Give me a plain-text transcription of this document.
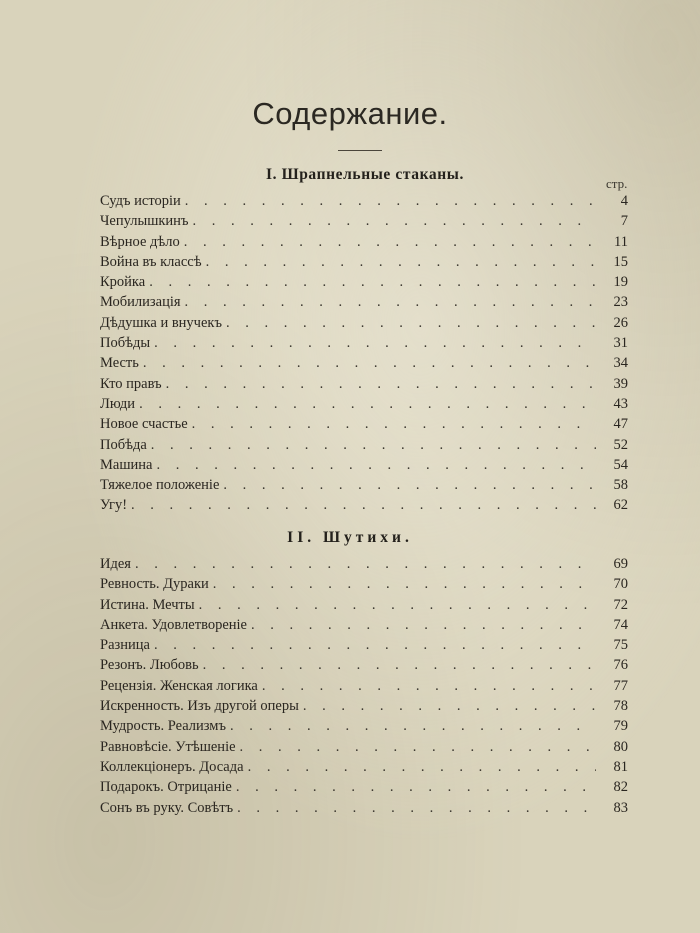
Содержание.
I. Шрапнельные стаканы.
стр.
Судъ исторіи . . .	4
Чепулышкинъ . . .	7
Вѣрное дѣло . . .	11
Война въ классѣ . . .	15
Кройка . . .	19
Мобилизація . . .	23
Дѣдушка и внучекъ . . .	26
Побѣды . . .	31
Месть . . .	34
Кто правъ . . .	39
Люди . . .	43
Новое счастье . . .	47
Побѣда . . .	52
Машина . . .	54
Тяжелое положеніе . . .	58
Угу! . . .	62
II. Шутихи.
Идея . . .	69
Ревность. Дураки . . .	70
Истина. Мечты . . .	72
Анкета. Удовлетвореніе . . .	74
Разница . . .	75
Резонъ. Любовь . . .	76
Рецензія. Женская логика . . .	77
Искренность. Изъ другой оперы . . .	78
Мудрость. Реализмъ . . .	79
Равновѣсіе. Утѣшеніе . . .	80
Коллекціонеръ. Досада . . .	81
Подарокъ. Отрицаніе . . .	82
Сонъ въ руку. Совѣтъ . . .	83
